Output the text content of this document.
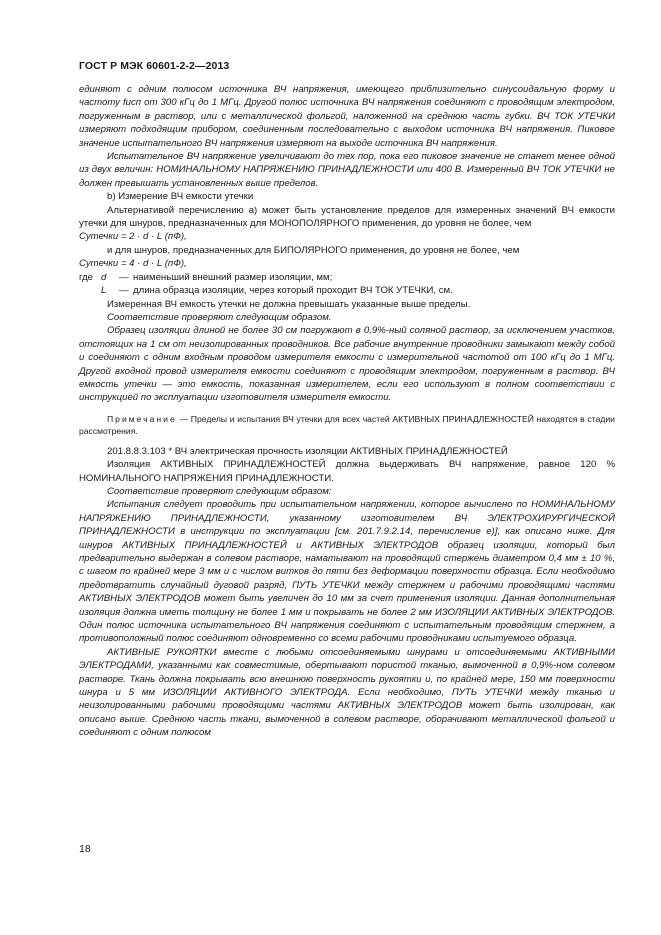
ГОСТ Р МЭК 60601-2-2—2013

единяют с одним полюсом источника ВЧ напряжения, имеющего приблизительно синусоидальную форму и частоту fисп от 300 кГц до 1 МГц. Другой полюс источника ВЧ напряжения соединяют с проводящим электродом, погруженным в раствор, или с металлической фольгой, наложенной на среднюю часть губки. ВЧ ТОК УТЕЧКИ измеряют подходящим прибором, соединенным последовательно с выходом источника ВЧ напряжения. Пиковое значение испытательного ВЧ напряжения измеряют на выходе источника ВЧ напряжения.

Испытательное ВЧ напряжение увеличивают до тех пор, пока его пиковое значение не станет менее одной из двух величин: НОМИНАЛЬНОМУ НАПРЯЖЕНИЮ ПРИНАДЛЕЖНОСТИ или 400 В. Измеренный ВЧ ТОК УТЕЧКИ не должен превышать установленных выше пределов.

b) Измерение ВЧ емкости утечки

Альтернативой перечислению а) может быть установление пределов для измеренных значений ВЧ емкости утечки для шнуров, предназначенных для МОНОПОЛЯРНОГО применения, до уровня не более, чем

Сутечки = 2 · d · L (пФ),

и для шнуров, предназначенных для БИПОЛЯРНОГО применения, до уровня не более, чем

Сутечки = 4 · d · L (пФ),

где d	— наименьший внешний размер изоляции, мм;
L	— длина образца изоляции, через который проходит ВЧ ТОК УТЕЧКИ, см.

Измеренная ВЧ емкость утечки не должна превышать указанные выше пределы.

Соответствие проверяют следующим образом.

Образец изоляции длиной не более 30 см погружают в 0,9%-ный соляной раствор, за исключением участков, отстоящих на 1 см от неизолированных проводников. Все рабочие внутренние проводники замыкают между собой и соединяют с одним входным проводом измерителя емкости с измерительной частотой от 100 кГц до 1 МГц. Другой входной провод измерителя емкости соединяют с проводящим электродом, погруженным в раствор. ВЧ емкость утечки — это емкость, показанная измерителем, если его используют в полном соответствии с инструкцией по эксплуатации изготовителя измерителя емкости.

Примечание — Пределы и испытания ВЧ утечки для всех частей АКТИВНЫХ ПРИНАДЛЕЖНОСТЕЙ находятся в стадии рассмотрения.

201.8.8.3.103 * ВЧ электрическая прочность изоляции АКТИВНЫХ ПРИНАДЛЕЖНОСТЕЙ

Изоляция АКТИВНЫХ ПРИНАДЛЕЖНОСТЕЙ должна выдерживать ВЧ напряжение, равное 120 % НОМИНАЛЬНОГО НАПРЯЖЕНИЯ ПРИНАДЛЕЖНОСТИ.

Соответствие проверяют следующим образом:

Испытания следует проводить при испытательном напряжении, которое вычислено по НОМИНАЛЬНОМУ НАПРЯЖЕНИЮ ПРИНАДЛЕЖНОСТИ, указанному изготовителем ВЧ ЭЛЕКТРОХИРУРГИЧЕСКОЙ ПРИНАДЛЕЖНОСТИ в инструкции по эксплуатации [см. 201.7.9.2.14, перечисление е)], как описано ниже. Для шнуров АКТИВНЫХ ПРИНАДЛЕЖНОСТЕЙ и АКТИВНЫХ ЭЛЕКТРОДОВ образец изоляции, который был предварительно выдержан в солевом растворе, наматывают на проводящий стержень диаметром 0,4 мм ± 10 %, с шагом по крайней мере 3 мм и с числом витков до пяти без деформации поверхности образца. Если необходимо предотвратить случайный дуговой разряд, ПУТЬ УТЕЧКИ между стержнем и рабочими проводящими частями АКТИВНЫХ ЭЛЕКТРОДОВ может быть увеличен до 10 мм за счет применения изоляции. Данная дополнительная изоляция должна иметь толщину не более 1 мм и покрывать не более 2 мм ИЗОЛЯЦИИ АКТИВНЫХ ЭЛЕКТРОДОВ. Один полюс источника испытательного ВЧ напряжения соединяют с испытательным проводящим стержнем, а противоположный полюс соединяют одновременно со всеми рабочими проводниками испытуемого образца.

АКТИВНЫЕ РУКОЯТКИ вместе с любыми отсоединяемыми шнурами и отсоединяемыми АКТИВНЫМИ ЭЛЕКТРОДАМИ, указанными как совместимые, обертывают пористой тканью, вымоченной в 0,9%-ном солевом растворе. Ткань должна покрывать всю внешнюю поверхность рукоятки и, по крайней мере, 150 мм поверхности шнура и 5 мм ИЗОЛЯЦИИ АКТИВНОГО ЭЛЕКТРОДА. Если необходимо, ПУТЬ УТЕЧКИ между тканью и неизолированными рабочими проводящими частями АКТИВНЫХ ЭЛЕКТРОДОВ может быть изолирован, как описано выше. Среднюю часть ткани, вымоченной в солевом растворе, оборачивают металлической фольгой и соединяют с одним полюсом

18
